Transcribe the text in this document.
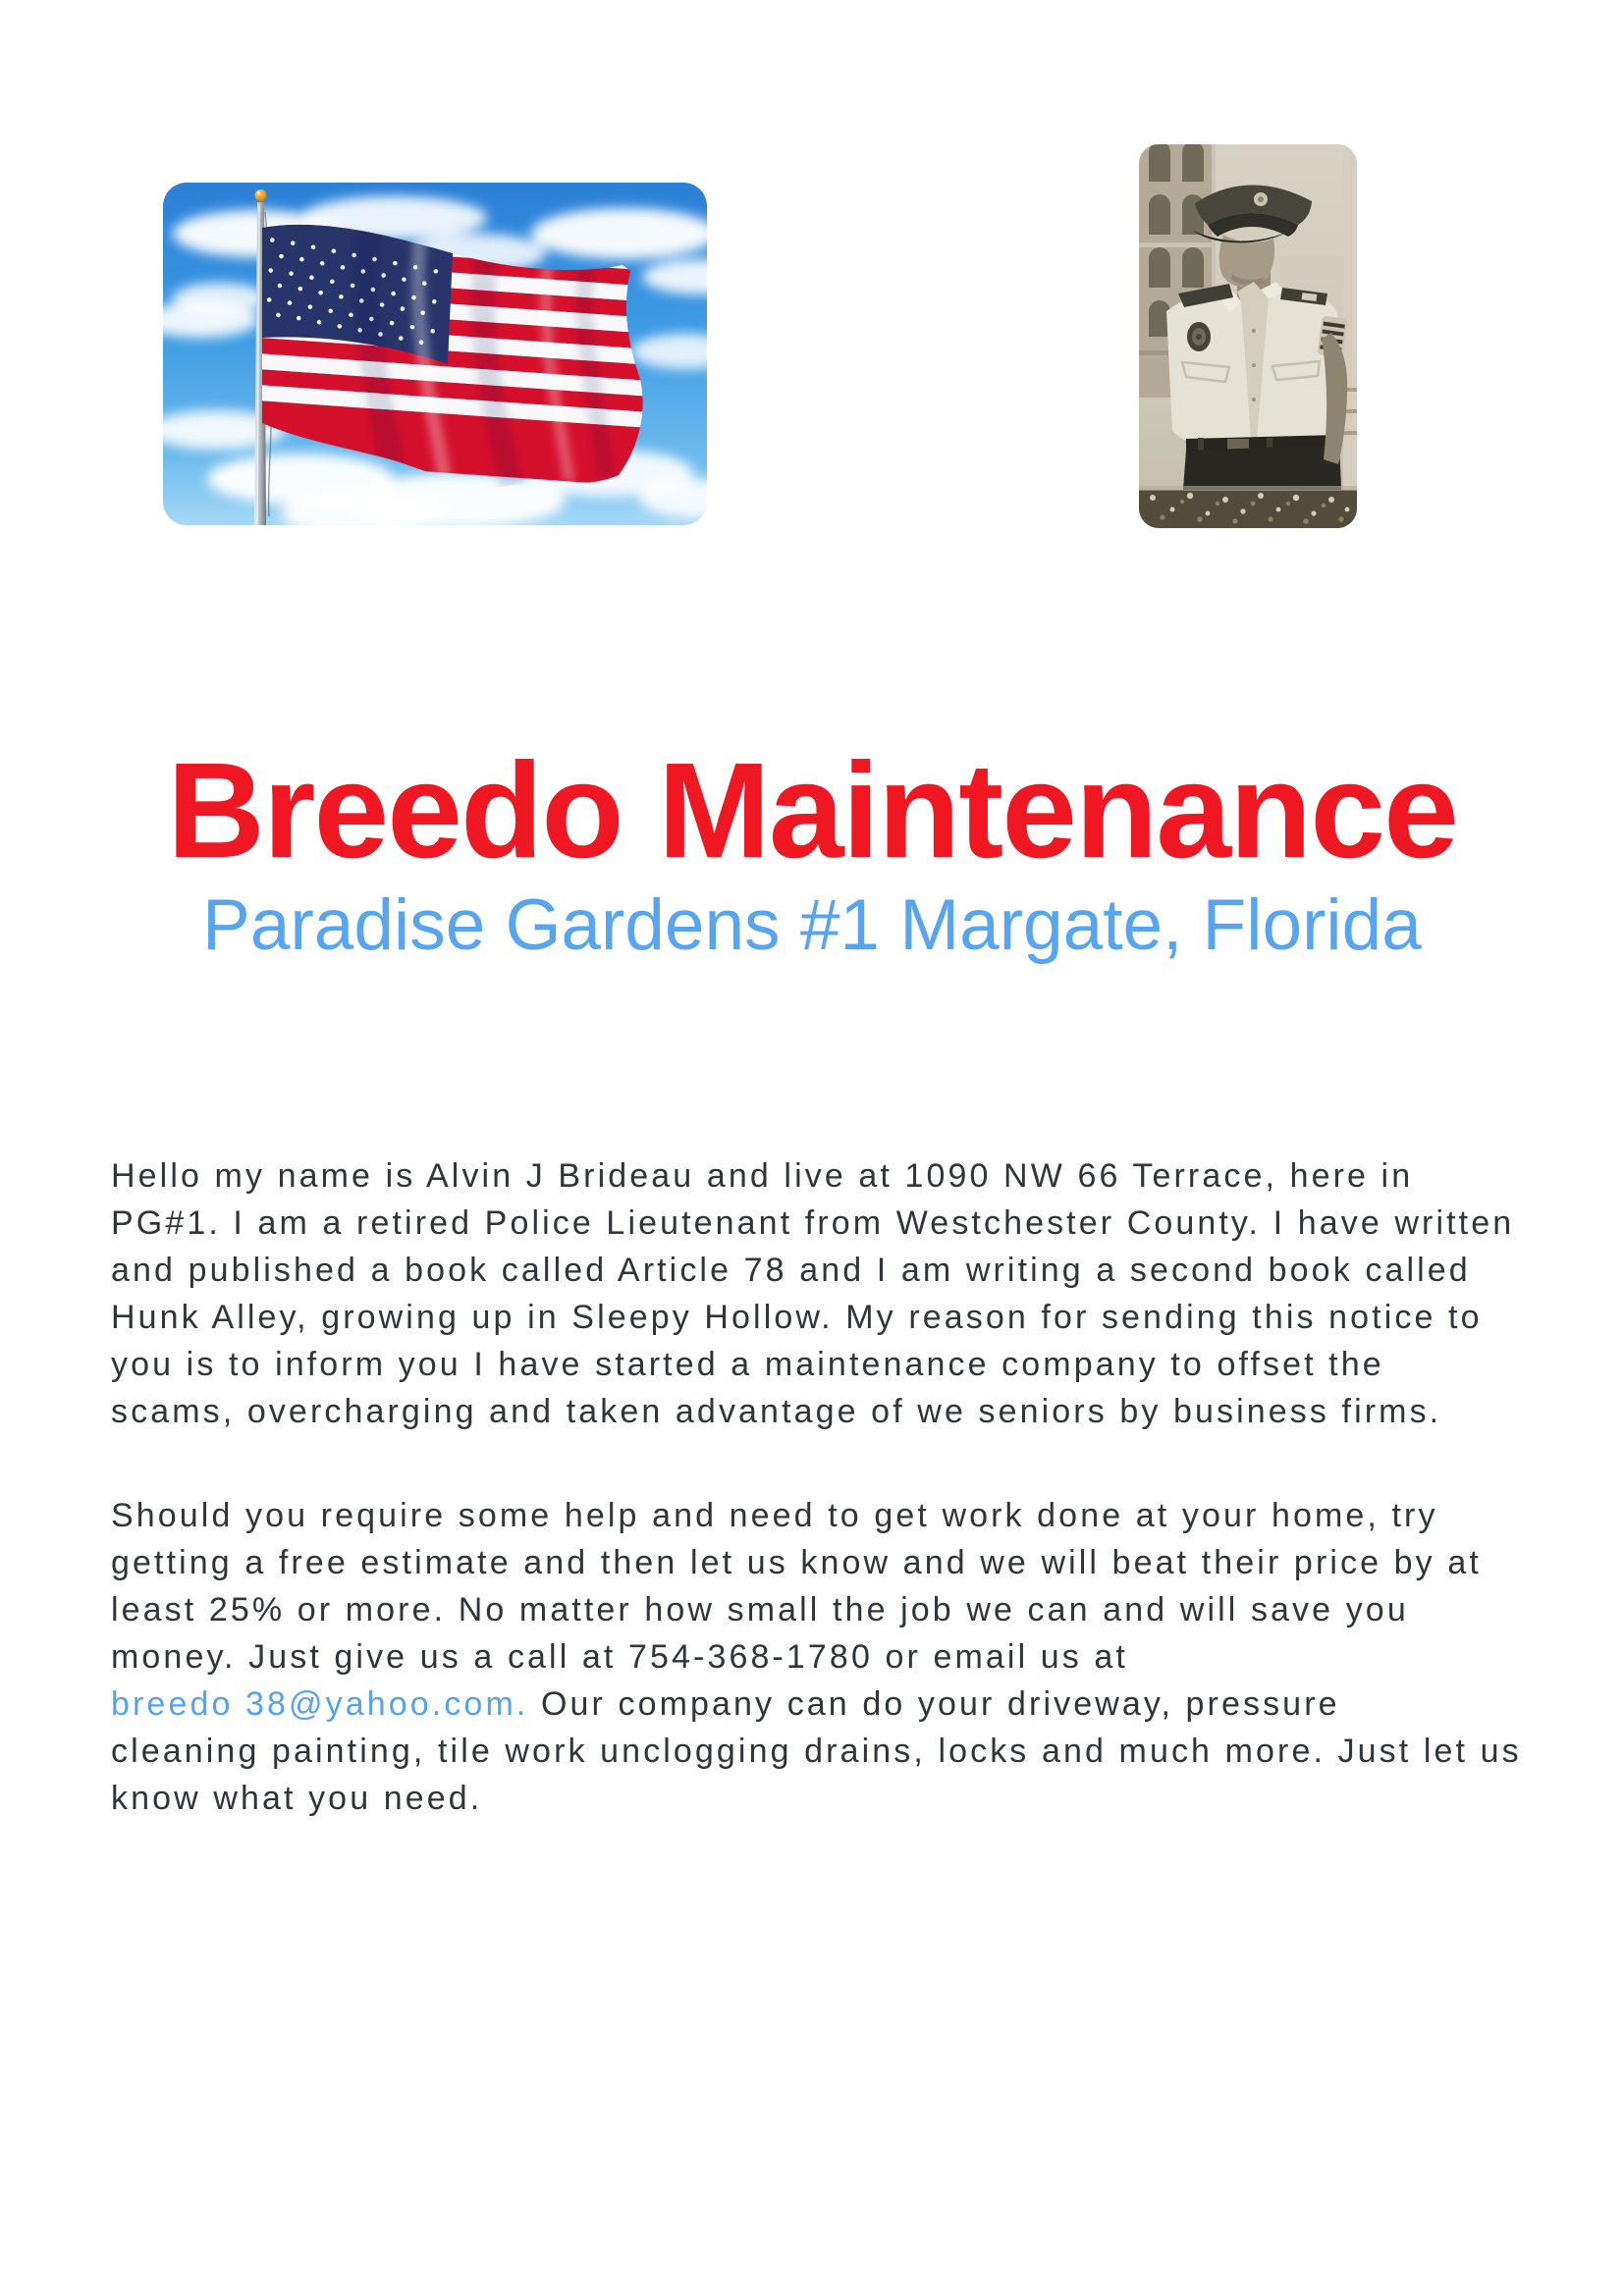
Breedo Maintenance
Paradise Gardens #1 Margate, Florida
Hello my name is Alvin J Brideau and live at 1090 NW 66 Terrace, here in
PG#1. I am a retired Police Lieutenant from Westchester County. I have written
and published a book called Article 78 and I am writing a second book called
Hunk Alley, growing up in Sleepy Hollow. My reason for sending this notice to
you is to inform you I have started a maintenance company to offset the
scams, overcharging and taken advantage of we seniors by business firms.
Should you require some help and need to get work done at your home, try
getting a free estimate and then let us know and we will beat their price by at
least 25% or more. No matter how small the job we can and will save you
money. Just give us a call at 754-368-1780 or email us at
breedo 38@yahoo.com. Our company can do your driveway, pressure
cleaning painting, tile work unclogging drains, locks and much more. Just let us
know what you need.
